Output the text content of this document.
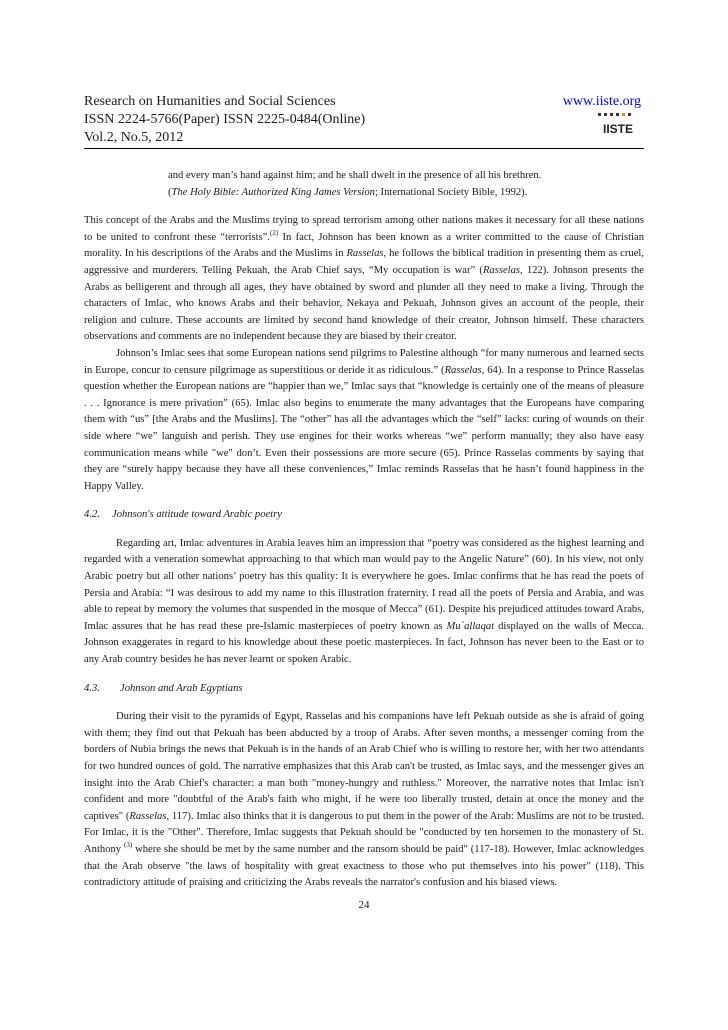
Research on Humanities and Social Sciences
ISSN 2224-5766(Paper) ISSN 2225-0484(Online)
Vol.2, No.5, 2012
www.iiste.org
IISTE

and every man’s hand against him; and he shall dwelt in the presence of all his brethren.

(The Holy Bible: Authorized King James Version; International Society Bible, 1992).

This concept of the Arabs and the Muslims trying to spread terrorism among other nations makes it necessary for all these nations to be united to confront these “terrorists”.$^{(2)}$ In fact, Johnson has been known as a writer committed to the cause of Christian morality. In his descriptions of the Arabs and the Muslims in Rasselas, he follows the biblical tradition in presenting them as cruel, aggressive and murderers. Telling Pekuah, the Arab Chief says, “My occupation is war” (Rasselas, 122). Johnson presents the Arabs as belligerent and through all ages, they have obtained by sword and plunder all they need to make a living. Through the characters of Imlac, who knows Arabs and their behavior, Nekaya and Pekuah, Johnson gives an account of the people, their religion and culture. These accounts are limited by second hand knowledge of their creator, Johnson himself. These characters observations and comments are no independent because they are biased by their creator.

Johnson’s Imlac sees that some European nations send pilgrims to Palestine although “for many numerous and learned sects in Europe, concur to censure pilgrimage as superstitious or deride it as ridiculous.” (Rasselas, 64). In a response to Prince Rasselas question whether the European nations are “happier than we,” Imlac says that “knowledge is certainly one of the means of pleasure . . . Ignorance is mere privation” (65). Imlac also begins to enumerate the many advantages that the Europeans have comparing them with “us” [the Arabs and the Muslims]. The “other” has all the advantages which the “self” lacks: curing of wounds on their side where “we” languish and perish. They use engines for their works whereas “we” perform manually; they also have easy communication means while "we" don’t. Even their possessions are more secure (65). Prince Rasselas comments by saying that they are “surely happy because they have all these conveniences,” Imlac reminds Rasselas that he hasn’t found happiness in the Happy Valley.

4.2. Johnson's attitude toward Arabic poetry

Regarding art, Imlac adventures in Arabia leaves him an impression that “poetry was considered as the highest learning and regarded with a veneration somewhat approaching to that which man would pay to the Angelic Nature” (60). In his view, not only Arabic poetry but all other nations’ poetry has this quality: It is everywhere he goes. Imlac confirms that he has read the poets of Persia and Arabia: “I was desirous to add my name to this illustration fraternity. I read all the poets of Persia and Arabia, and was able to repeat by memory the volumes that suspended in the mosque of Mecca” (61). Despite his prejudiced attitudes toward Arabs, Imlac assures that he has read these pre-Islamic masterpieces of poetry known as Mu`allaqat displayed on the walls of Mecca. Johnson exaggerates in regard to his knowledge about these poetic masterpieces. In fact, Johnson has never been to the East or to any Arab country besides he has never learnt or spoken Arabic.

4.3. Johnson and Arab Egyptians

During their visit to the pyramids of Egypt, Rasselas and his companions have left Pekuah outside as she is afraid of going with them; they find out that Pekuah has been abducted by a troop of Arabs. After seven months, a messenger coming from the borders of Nubia brings the news that Pekuah is in the hands of an Arab Chief who is willing to restore her, with her two attendants for two hundred ounces of gold. The narrative emphasizes that this Arab can't be trusted, as Imlac says, and the messenger gives an insight into the Arab Chief's character: a man both "money-hungry and ruthless." Moreover, the narrative notes that Imlac isn't confident and more "doubtful of the Arab's faith who might, if he were too liberally trusted, detain at once the money and the captives" (Rasselas, 117). Imlac also thinks that it is dangerous to put them in the power of the Arab: Muslims are not to be trusted. For Imlac, it is the "Other". Therefore, Imlac suggests that Pekuah should be "conducted by ten horsemen to the monastery of St. Anthony $^{(3)}$ where she should be met by the same number and the ransom should be paid" (117-18). However, Imlac acknowledges that the Arab observe "the laws of hospitality with great exactness to those who put themselves into his power" (118). This contradictory attitude of praising and criticizing the Arabs reveals the narrator's confusion and his biased views.

24
